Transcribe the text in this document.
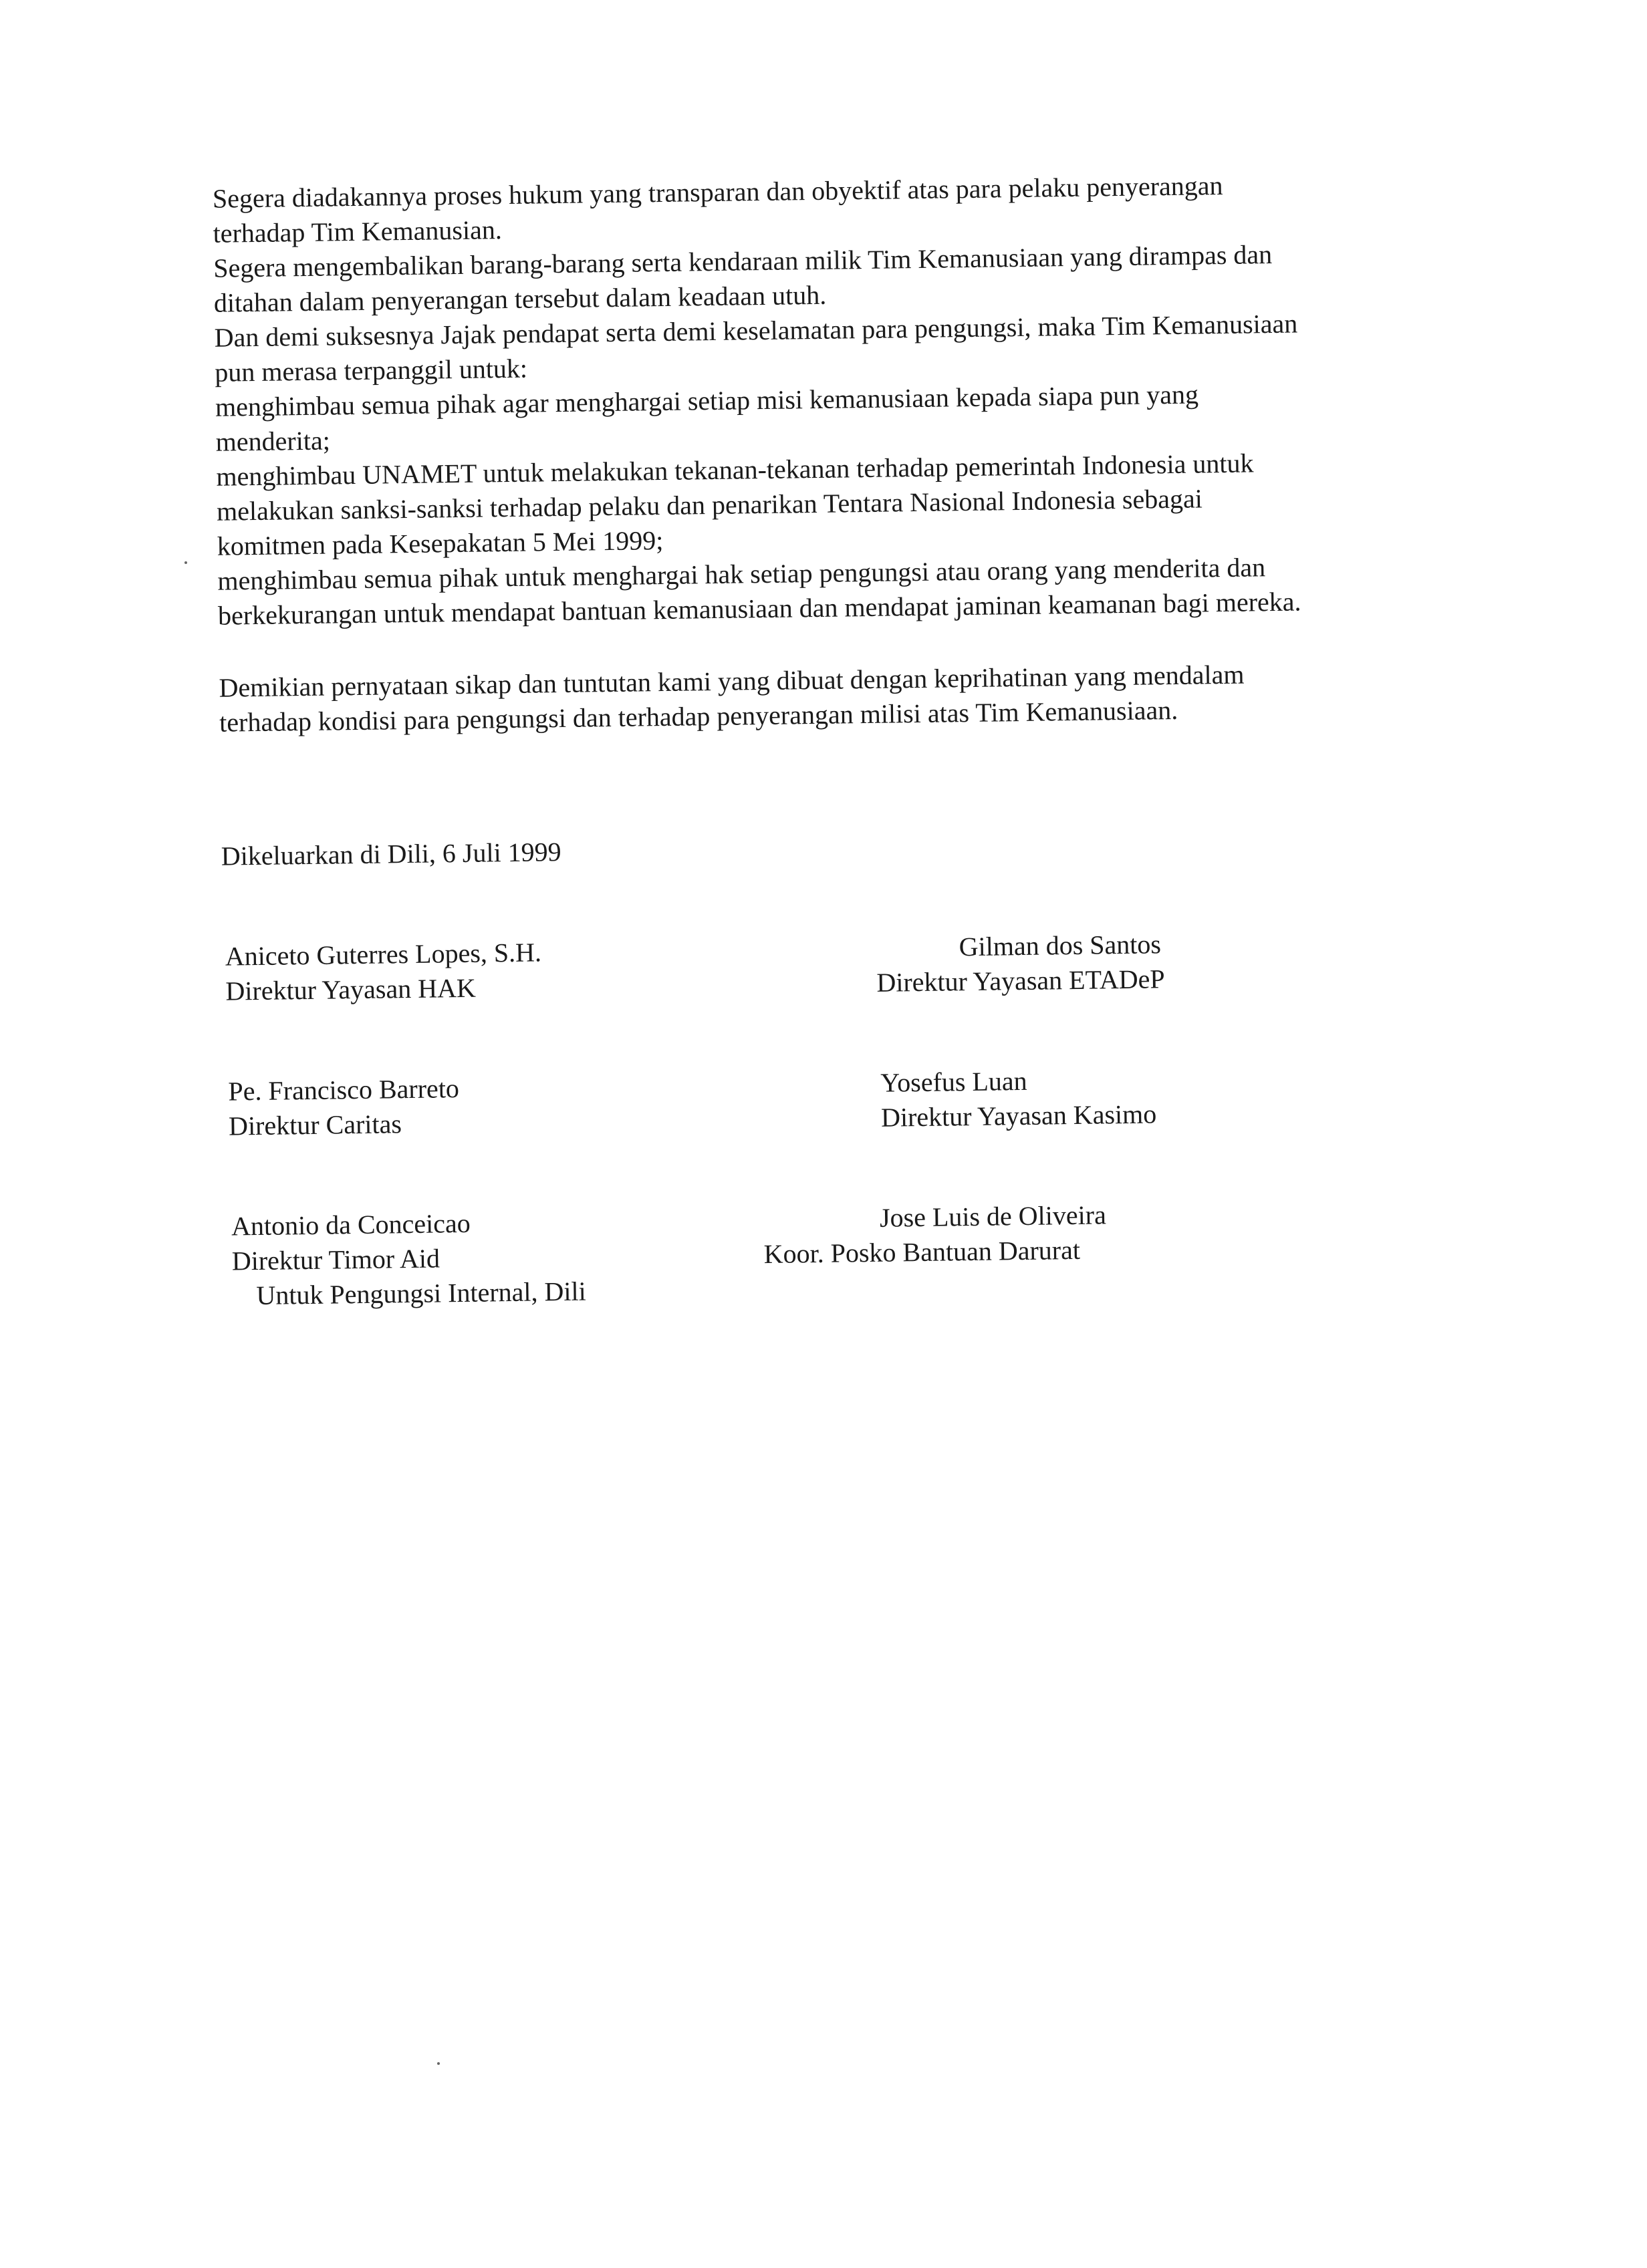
Segera diadakannya proses hukum yang transparan dan obyektif atas para pelaku penyerangan
terhadap Tim Kemanusian.
Segera mengembalikan barang-barang serta kendaraan milik Tim Kemanusiaan yang dirampas dan
ditahan dalam penyerangan tersebut dalam keadaan utuh.
Dan demi suksesnya Jajak pendapat serta demi keselamatan para pengungsi, maka Tim Kemanusiaan
pun merasa terpanggil untuk:
menghimbau semua pihak agar menghargai setiap misi kemanusiaan kepada siapa pun yang
menderita;
menghimbau UNAMET untuk melakukan tekanan-tekanan terhadap pemerintah Indonesia untuk
melakukan sanksi-sanksi terhadap pelaku dan penarikan Tentara Nasional Indonesia sebagai
komitmen pada Kesepakatan 5 Mei 1999;
menghimbau semua pihak untuk menghargai hak setiap pengungsi atau orang yang menderita dan
berkekurangan untuk mendapat bantuan kemanusiaan dan mendapat jaminan keamanan bagi mereka.
Demikian pernyataan sikap dan tuntutan kami yang dibuat dengan keprihatinan yang mendalam
terhadap kondisi para pengungsi dan terhadap penyerangan milisi atas Tim Kemanusiaan.
Dikeluarkan di Dili, 6 Juli 1999
Aniceto Guterres Lopes, S.H.
Direktur Yayasan HAK
Pe. Francisco Barreto
Direktur Caritas
Antonio da Conceicao
Direktur Timor Aid
Untuk Pengungsi Internal, Dili
Gilman dos Santos
Direktur Yayasan ETADeP
Yosefus Luan
Direktur Yayasan Kasimo
Jose Luis de Oliveira
Koor. Posko Bantuan Darurat
